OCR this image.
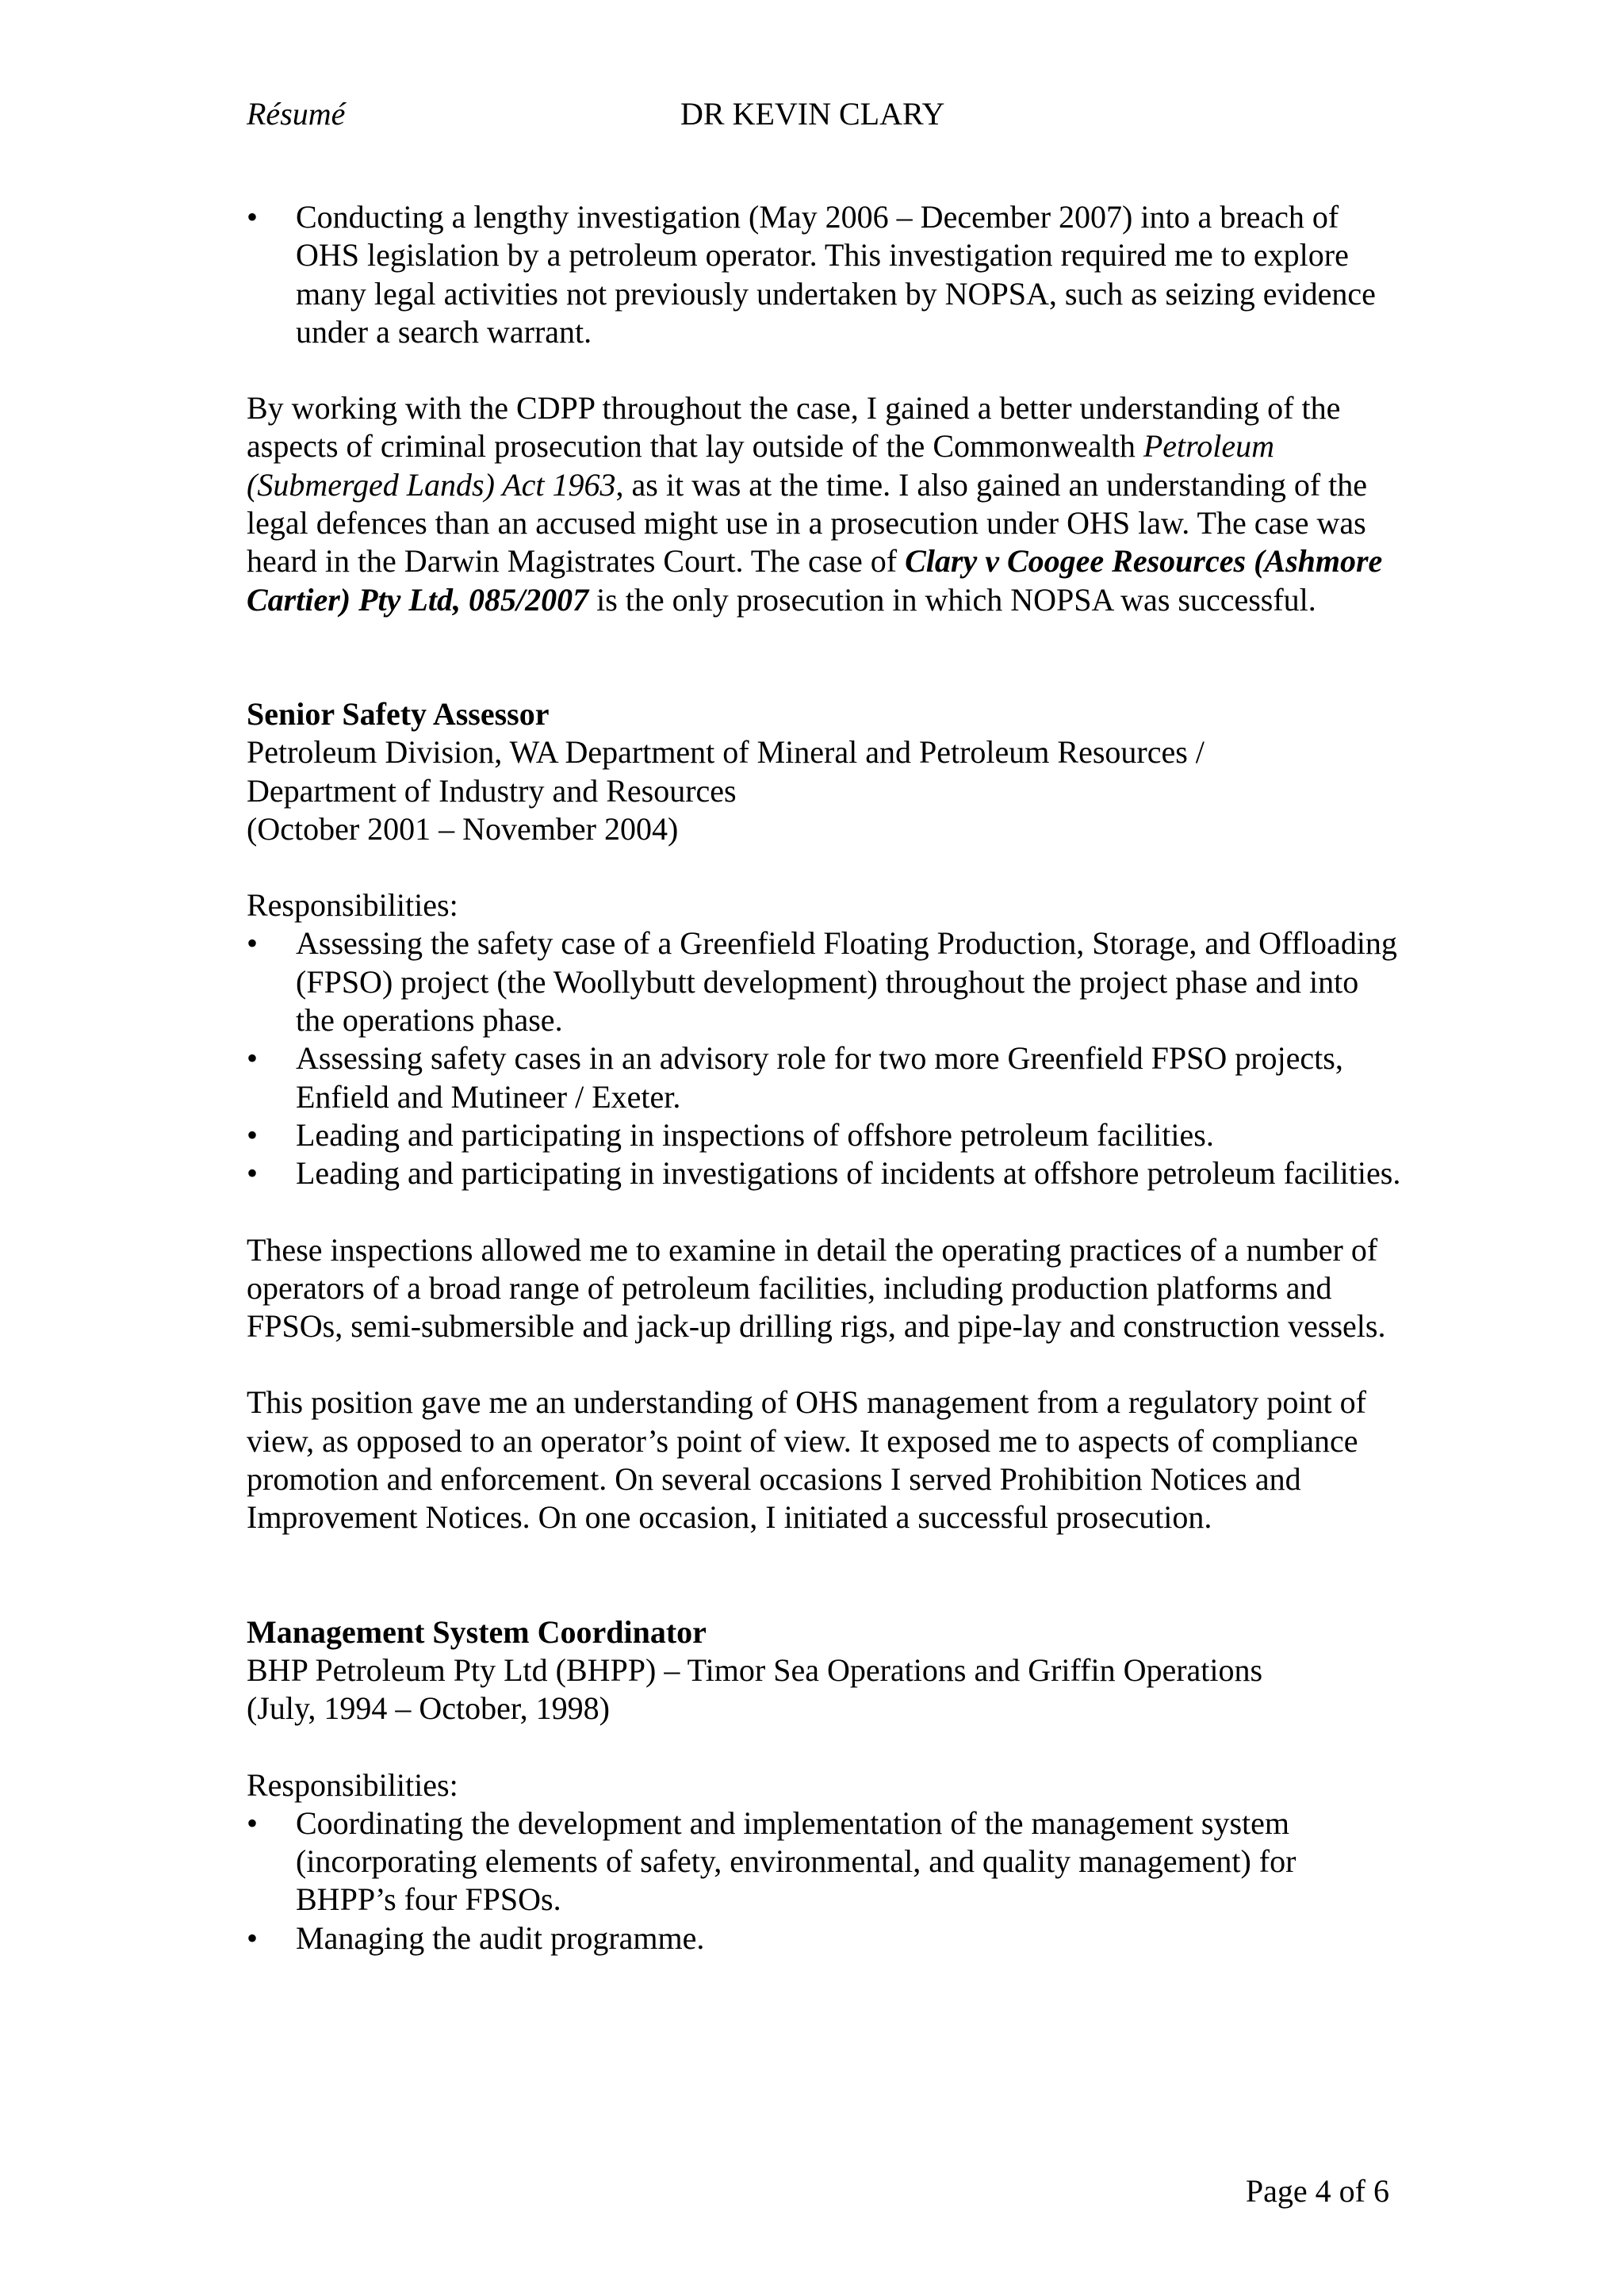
Résumé	DR KEVIN CLARY
• Conducting a lengthy investigation (May 2006 – December 2007) into a breach of OHS legislation by a petroleum operator. This investigation required me to explore many legal activities not previously undertaken by NOPSA, such as seizing evidence under a search warrant.

By working with the CDPP throughout the case, I gained a better understanding of the aspects of criminal prosecution that lay outside of the Commonwealth Petroleum (Submerged Lands) Act 1963, as it was at the time. I also gained an understanding of the legal defences than an accused might use in a prosecution under OHS law. The case was heard in the Darwin Magistrates Court. The case of Clary v Coogee Resources (Ashmore Cartier) Pty Ltd, 085/2007 is the only prosecution in which NOPSA was successful.

Senior Safety Assessor

Petroleum Division, WA Department of Mineral and Petroleum Resources /

Department of Industry and Resources

(October 2001 – November 2004)

Responsibilities:

• Assessing the safety case of a Greenfield Floating Production, Storage, and Offloading (FPSO) project (the Woollybutt development) throughout the project phase and into the operations phase.
• Assessing safety cases in an advisory role for two more Greenfield FPSO projects, Enfield and Mutineer / Exeter.
• Leading and participating in inspections of offshore petroleum facilities.
• Leading and participating in investigations of incidents at offshore petroleum facilities.

These inspections allowed me to examine in detail the operating practices of a number of operators of a broad range of petroleum facilities, including production platforms and FPSOs, semi-submersible and jack-up drilling rigs, and pipe-lay and construction vessels.

This position gave me an understanding of OHS management from a regulatory point of view, as opposed to an operator’s point of view. It exposed me to aspects of compliance promotion and enforcement. On several occasions I served Prohibition Notices and Improvement Notices. On one occasion, I initiated a successful prosecution.

Management System Coordinator

BHP Petroleum Pty Ltd (BHPP) – Timor Sea Operations and Griffin Operations

(July, 1994 – October, 1998)

Responsibilities:

• Coordinating the development and implementation of the management system (incorporating elements of safety, environmental, and quality management) for BHPP’s four FPSOs.
• Managing the audit programme.
Page 4 of 6
